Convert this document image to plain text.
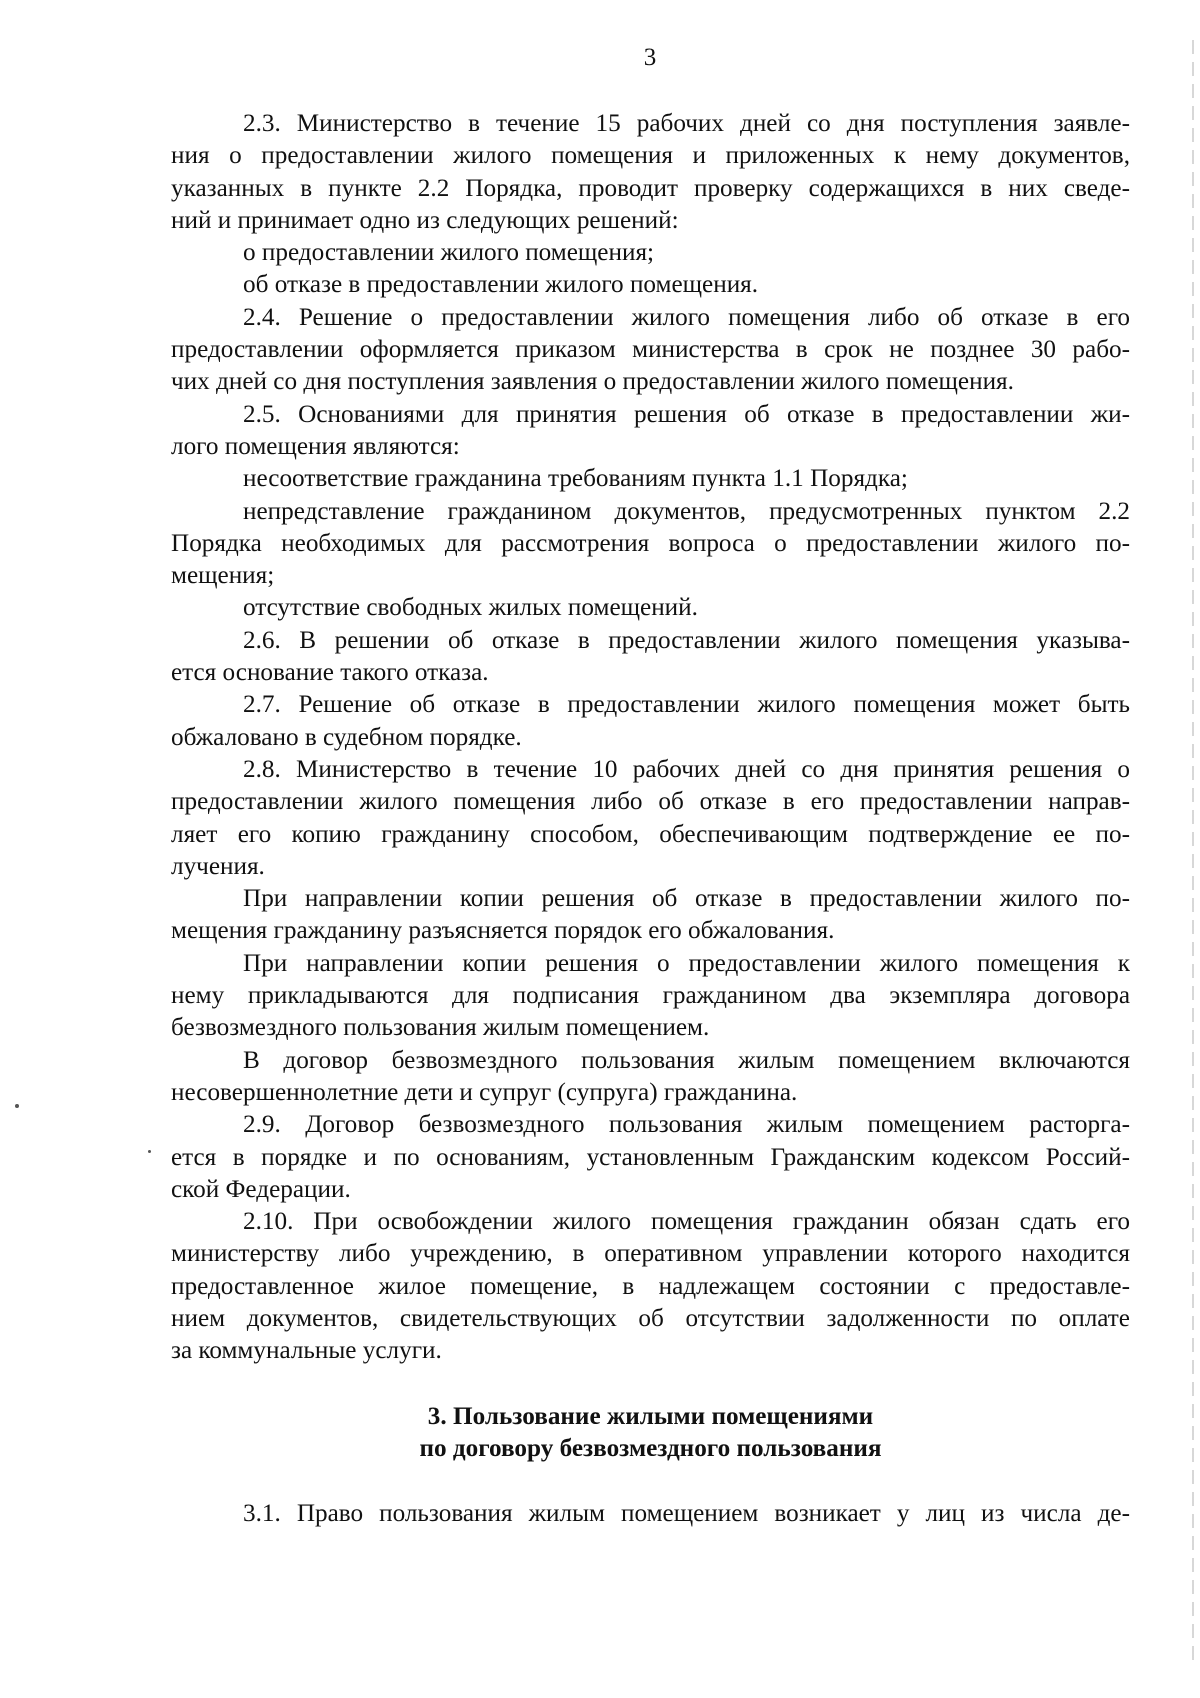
3
2.3. Министерство в течение 15 рабочих дней со дня поступления заявле-
ния о предоставлении жилого помещения и приложенных к нему документов,
указанных в пункте 2.2 Порядка, проводит проверку содержащихся в них сведе-
ний и принимает одно из следующих решений:
о предоставлении жилого помещения;
об отказе в предоставлении жилого помещения.
2.4. Решение о предоставлении жилого помещения либо об отказе в его
предоставлении оформляется приказом министерства в срок не позднее 30 рабо-
чих дней со дня поступления заявления о предоставлении жилого помещения.
2.5. Основаниями для принятия решения об отказе в предоставлении жи-
лого помещения являются:
несоответствие гражданина требованиям пункта 1.1 Порядка;
непредставление гражданином документов, предусмотренных пунктом 2.2
Порядка необходимых для рассмотрения вопроса о предоставлении жилого по-
мещения;
отсутствие свободных жилых помещений.
2.6. В решении об отказе в предоставлении жилого помещения указыва-
ется основание такого отказа.
2.7. Решение об отказе в предоставлении жилого помещения может быть
обжаловано в судебном порядке.
2.8. Министерство в течение 10 рабочих дней со дня принятия решения о
предоставлении жилого помещения либо об отказе в его предоставлении направ-
ляет его копию гражданину способом, обеспечивающим подтверждение ее по-
лучения.
При направлении копии решения об отказе в предоставлении жилого по-
мещения гражданину разъясняется порядок его обжалования.
При направлении копии решения о предоставлении жилого помещения к
нему прикладываются для подписания гражданином два экземпляра договора
безвозмездного пользования жилым помещением.
В договор безвозмездного пользования жилым помещением включаются
несовершеннолетние дети и супруг (супруга) гражданина.
2.9. Договор безвозмездного пользования жилым помещением расторга-
ется в порядке и по основаниям, установленным Гражданским кодексом Россий-
ской Федерации.
2.10. При освобождении жилого помещения гражданин обязан сдать его
министерству либо учреждению, в оперативном управлении которого находится
предоставленное жилое помещение, в надлежащем состоянии с предоставле-
нием документов, свидетельствующих об отсутствии задолженности по оплате
за коммунальные услуги.
3. Пользование жилыми помещениями
по договору безвозмездного пользования
3.1. Право пользования жилым помещением возникает у лиц из числа де-
